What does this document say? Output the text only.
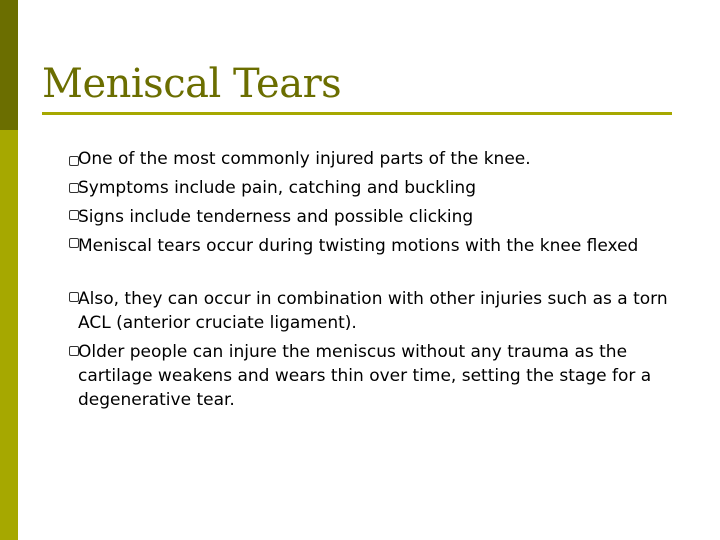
Meniscal Tears
One of the most commonly injured parts of the knee.
Symptoms include pain, catching and buckling
Signs include tenderness and possible clicking
Meniscal tears occur during twisting motions with the knee flexed
Also, they can occur in combination with other injuries such as a torn ACL (anterior cruciate ligament).
Older people can injure the meniscus without any trauma as the cartilage weakens and wears thin over time, setting the stage for a degenerative tear.
